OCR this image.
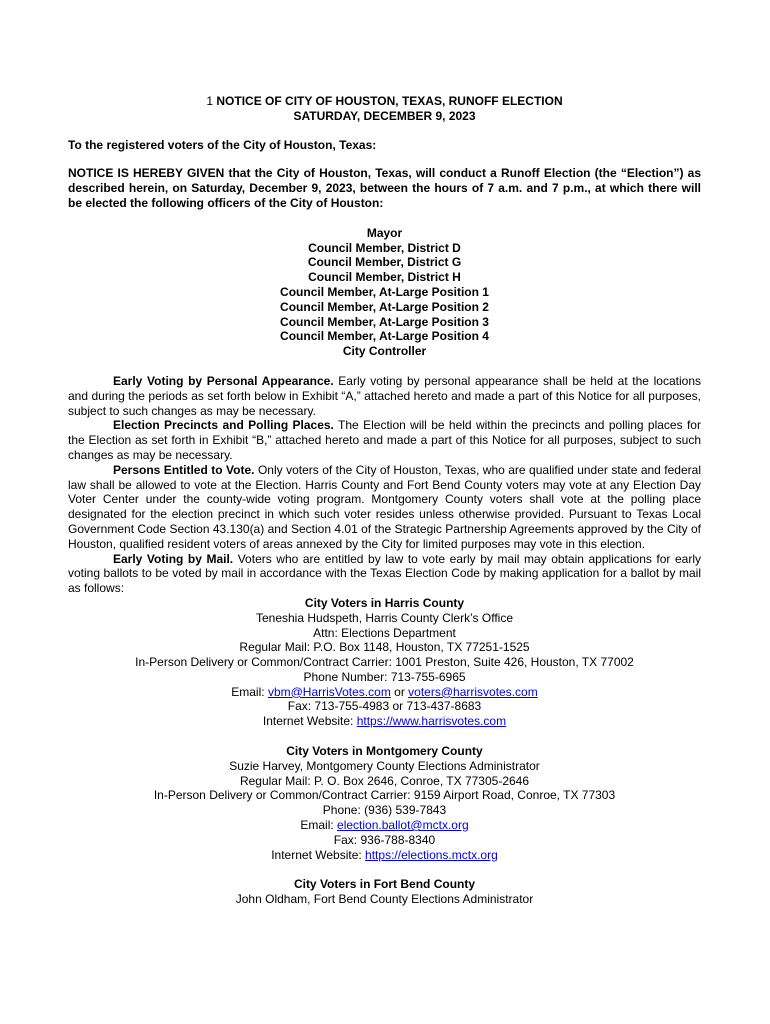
1 NOTICE OF CITY OF HOUSTON, TEXAS, RUNOFF ELECTION
SATURDAY, DECEMBER 9, 2023

To the registered voters of the City of Houston, Texas:

NOTICE IS HEREBY GIVEN that the City of Houston, Texas, will conduct a Runoff Election (the “Election”) as described herein, on Saturday, December 9, 2023, between the hours of 7 a.m. and 7 p.m., at which there will be elected the following officers of the City of Houston:

Mayor
Council Member, District D
Council Member, District G
Council Member, District H
Council Member, At-Large Position 1
Council Member, At-Large Position 2
Council Member, At-Large Position 3
Council Member, At-Large Position 4
City Controller

Early Voting by Personal Appearance. Early voting by personal appearance shall be held at the locations and during the periods as set forth below in Exhibit “A,” attached hereto and made a part of this Notice for all purposes, subject to such changes as may be necessary.

Election Precincts and Polling Places. The Election will be held within the precincts and polling places for the Election as set forth in Exhibit “B,” attached hereto and made a part of this Notice for all purposes, subject to such changes as may be necessary.

Persons Entitled to Vote. Only voters of the City of Houston, Texas, who are qualified under state and federal law shall be allowed to vote at the Election. Harris County and Fort Bend County voters may vote at any Election Day Voter Center under the county-wide voting program. Montgomery County voters shall vote at the polling place designated for the election precinct in which such voter resides unless otherwise provided. Pursuant to Texas Local Government Code Section 43.130(a) and Section 4.01 of the Strategic Partnership Agreements approved by the City of Houston, qualified resident voters of areas annexed by the City for limited purposes may vote in this election.

Early Voting by Mail. Voters who are entitled by law to vote early by mail may obtain applications for early voting ballots to be voted by mail in accordance with the Texas Election Code by making application for a ballot by mail as follows:

City Voters in Harris County
Teneshia Hudspeth, Harris County Clerk’s Office
Attn: Elections Department
Regular Mail: P.O. Box 1148, Houston, TX 77251-1525
In-Person Delivery or Common/Contract Carrier: 1001 Preston, Suite 426, Houston, TX 77002
Phone Number: 713-755-6965
Email: vbm@HarrisVotes.com or voters@harrisvotes.com
Fax: 713-755-4983 or 713-437-8683
Internet Website: https://www.harrisvotes.com
City Voters in Montgomery County
Suzie Harvey, Montgomery County Elections Administrator
Regular Mail: P. O. Box 2646, Conroe, TX 77305-2646
In-Person Delivery or Common/Contract Carrier: 9159 Airport Road, Conroe, TX 77303
Phone: (936) 539-7843
Email: election.ballot@mctx.org
Fax: 936-788-8340
Internet Website: https://elections.mctx.org
City Voters in Fort Bend County
John Oldham, Fort Bend County Elections Administrator
